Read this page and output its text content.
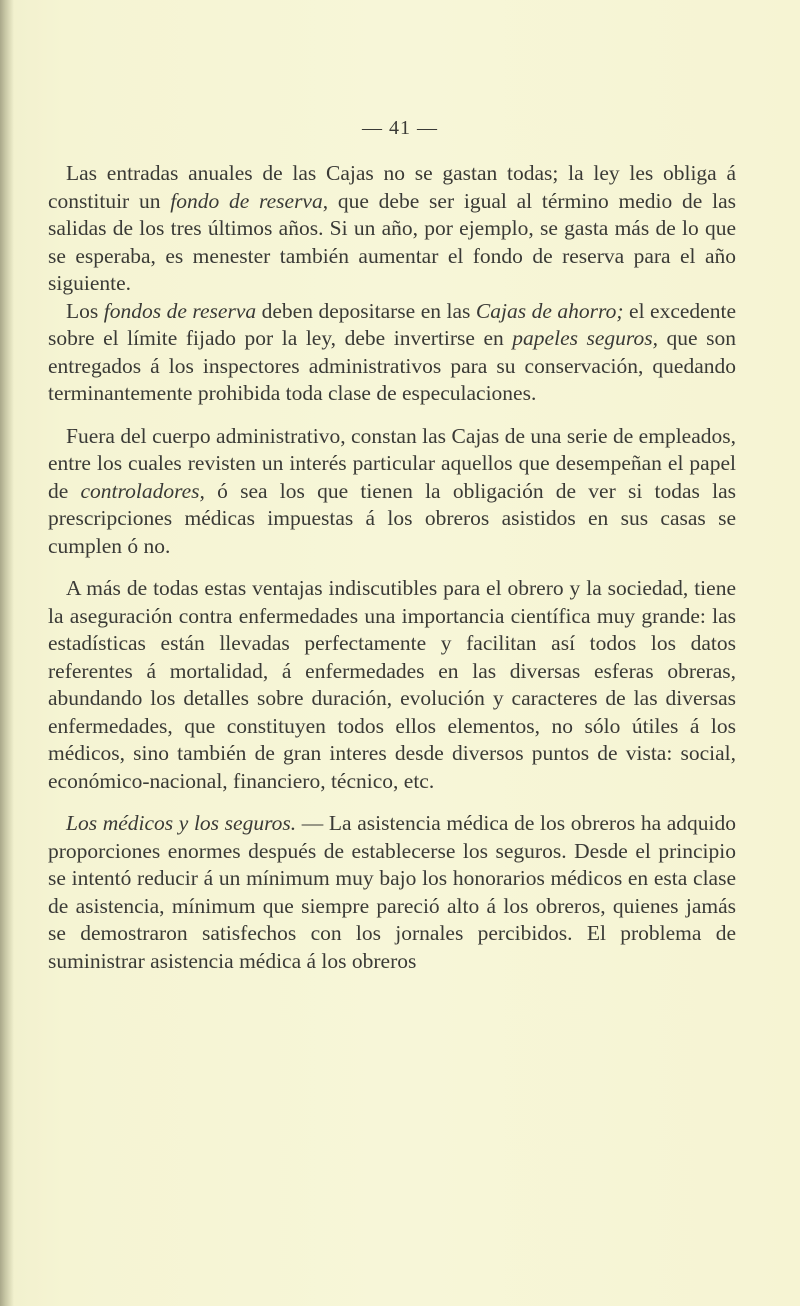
— 41 —

Las entradas anuales de las Cajas no se gastan todas; la ley les obliga á constituir un fondo de reserva, que debe ser igual al término medio de las salidas de los tres últimos años. Si un año, por ejemplo, se gasta más de lo que se esperaba, es menester también aumentar el fondo de reserva para el año siguiente.

Los fondos de reserva deben depositarse en las Cajas de ahorro; el excedente sobre el límite fijado por la ley, debe invertirse en papeles seguros, que son entregados á los inspectores administrativos para su conservación, quedando terminantemente prohibida toda clase de especulaciones.

Fuera del cuerpo administrativo, constan las Cajas de una serie de empleados, entre los cuales revisten un interés particular aquellos que desempeñan el papel de controladores, ó sea los que tienen la obligación de ver si todas las prescripciones médicas impuestas á los obreros asistidos en sus casas se cumplen ó no.

A más de todas estas ventajas indiscutibles para el obrero y la sociedad, tiene la aseguración contra enfermedades una importancia científica muy grande: las estadísticas están llevadas perfectamente y facilitan así todos los datos referentes á mortalidad, á enfermedades en las diversas esferas obreras, abundando los detalles sobre duración, evolución y caracteres de las diversas enfermedades, que constituyen todos ellos elementos, no sólo útiles á los médicos, sino también de gran interes desde diversos puntos de vista: social, económico-nacional, financiero, técnico, etc.

Los médicos y los seguros. — La asistencia médica de los obreros ha adquido proporciones enormes después de establecerse los seguros. Desde el principio se intentó reducir á un mínimum muy bajo los honorarios médicos en esta clase de asistencia, mínimum que siempre pareció alto á los obreros, quienes jamás se demostraron satisfechos con los jornales percibidos. El problema de suministrar asistencia médica á los obreros
